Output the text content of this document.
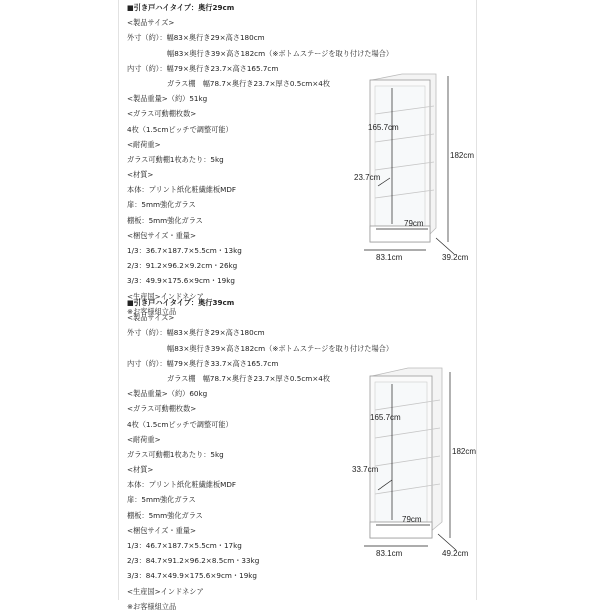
■引き戸ハイタイプ：奥行29cm
<製品サイズ>
外寸（約）：幅83×奥行き29×高さ180cm
幅83×奥行き39×高さ182cm（※ボトムステージを取り付けた場合）
内寸（約）：幅79×奥行き23.7×高さ165.7cm
ガラス棚　幅78.7×奥行き23.7×厚さ0.5cm×4枚
<製品重量>（約）51kg
<ガラス可動棚枚数>
4枚（1.5cmピッチで調整可能）
<耐荷重>
ガラス可動棚1枚あたり：5kg
<材質>
本体：プリント紙化粧繊維板MDF
扉：5mm強化ガラス
棚板：5mm強化ガラス
<梱包サイズ・重量>
1/3：36.7×187.7×5.5cm・13kg
2/3：91.2×96.2×9.2cm・26kg
3/3：49.9×175.6×9cm・19kg
<生産国>インドネシア
※お客様組立品
■引き戸ハイタイプ：奥行39cm
<製品サイズ>
外寸（約）：幅83×奥行き29×高さ180cm
幅83×奥行き39×高さ182cm（※ボトムステージを取り付けた場合）
内寸（約）：幅79×奥行き33.7×高さ165.7cm
ガラス棚　幅78.7×奥行き23.7×厚さ0.5cm×4枚
<製品重量>（約）60kg
<ガラス可動棚枚数>
4枚（1.5cmピッチで調整可能）
<耐荷重>
ガラス可動棚1枚あたり：5kg
<材質>
本体：プリント紙化粧繊維板MDF
扉：5mm強化ガラス
棚板：5mm強化ガラス
<梱包サイズ・重量>
1/3：46.7×187.7×5.5cm・17kg
2/3：84.7×91.2×96.2×8.5cm・33kg
3/3：84.7×49.9×175.6×9cm・19kg
<生産国>インドネシア
※お客様組立品
165.7cm
182cm
23.7cm
79cm
83.1cm	39.2cm
165.7cm
182cm
33.7cm
79cm
83.1cm	49.2cm
